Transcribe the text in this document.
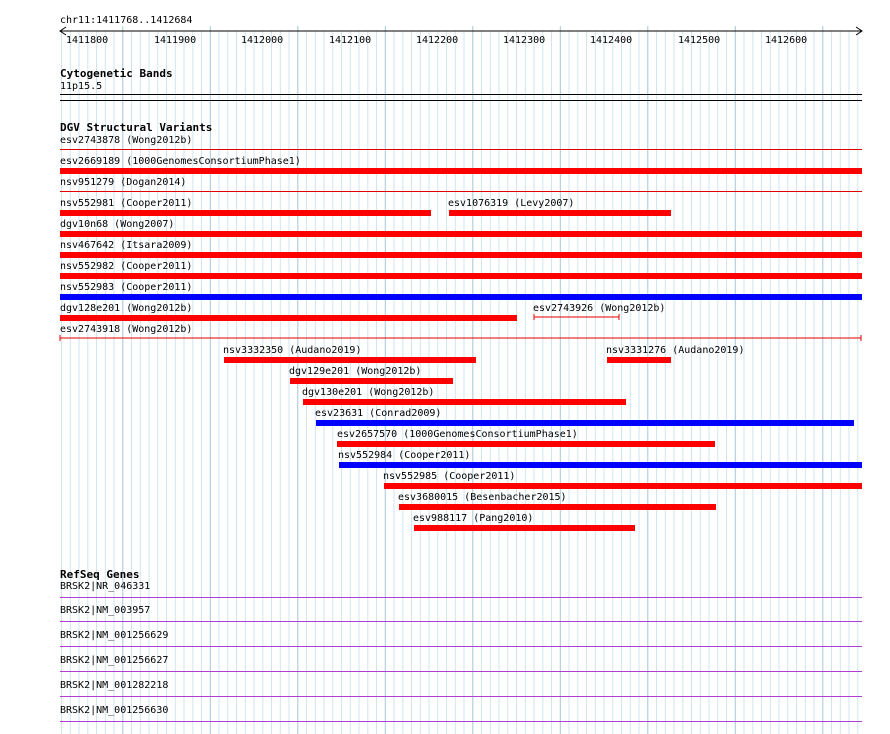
chr11:1411768..1412684
1411800	1411900	1412000	1412100	1412200	1412300	1412400	1412500	1412600
Cytogenetic Bands
11p15.5
DGV Structural Variants
esv2743878 (Wong2012b)
esv2669189 (1000GenomesConsortiumPhase1)
nsv951279 (Dogan2014)
nsv552981 (Cooper2011)	esv1076319 (Levy2007)
dgv10n68 (Wong2007)
nsv467642 (Itsara2009)
nsv552982 (Cooper2011)
nsv552983 (Cooper2011)
dgv128e201 (Wong2012b)	esv2743926 (Wong2012b)
esv2743918 (Wong2012b)
nsv3332350 (Audano2019)	nsv3331276 (Audano2019)
dgv129e201 (Wong2012b)
dgv130e201 (Wong2012b)
esv23631 (Conrad2009)
esv2657570 (1000GenomesConsortiumPhase1)
nsv552984 (Cooper2011)
nsv552985 (Cooper2011)
esv3680015 (Besenbacher2015)
esv988117 (Pang2010)
RefSeq Genes
BRSK2|NR_046331
BRSK2|NM_003957
BRSK2|NM_001256629
BRSK2|NM_001256627
BRSK2|NM_001282218
BRSK2|NM_001256630
